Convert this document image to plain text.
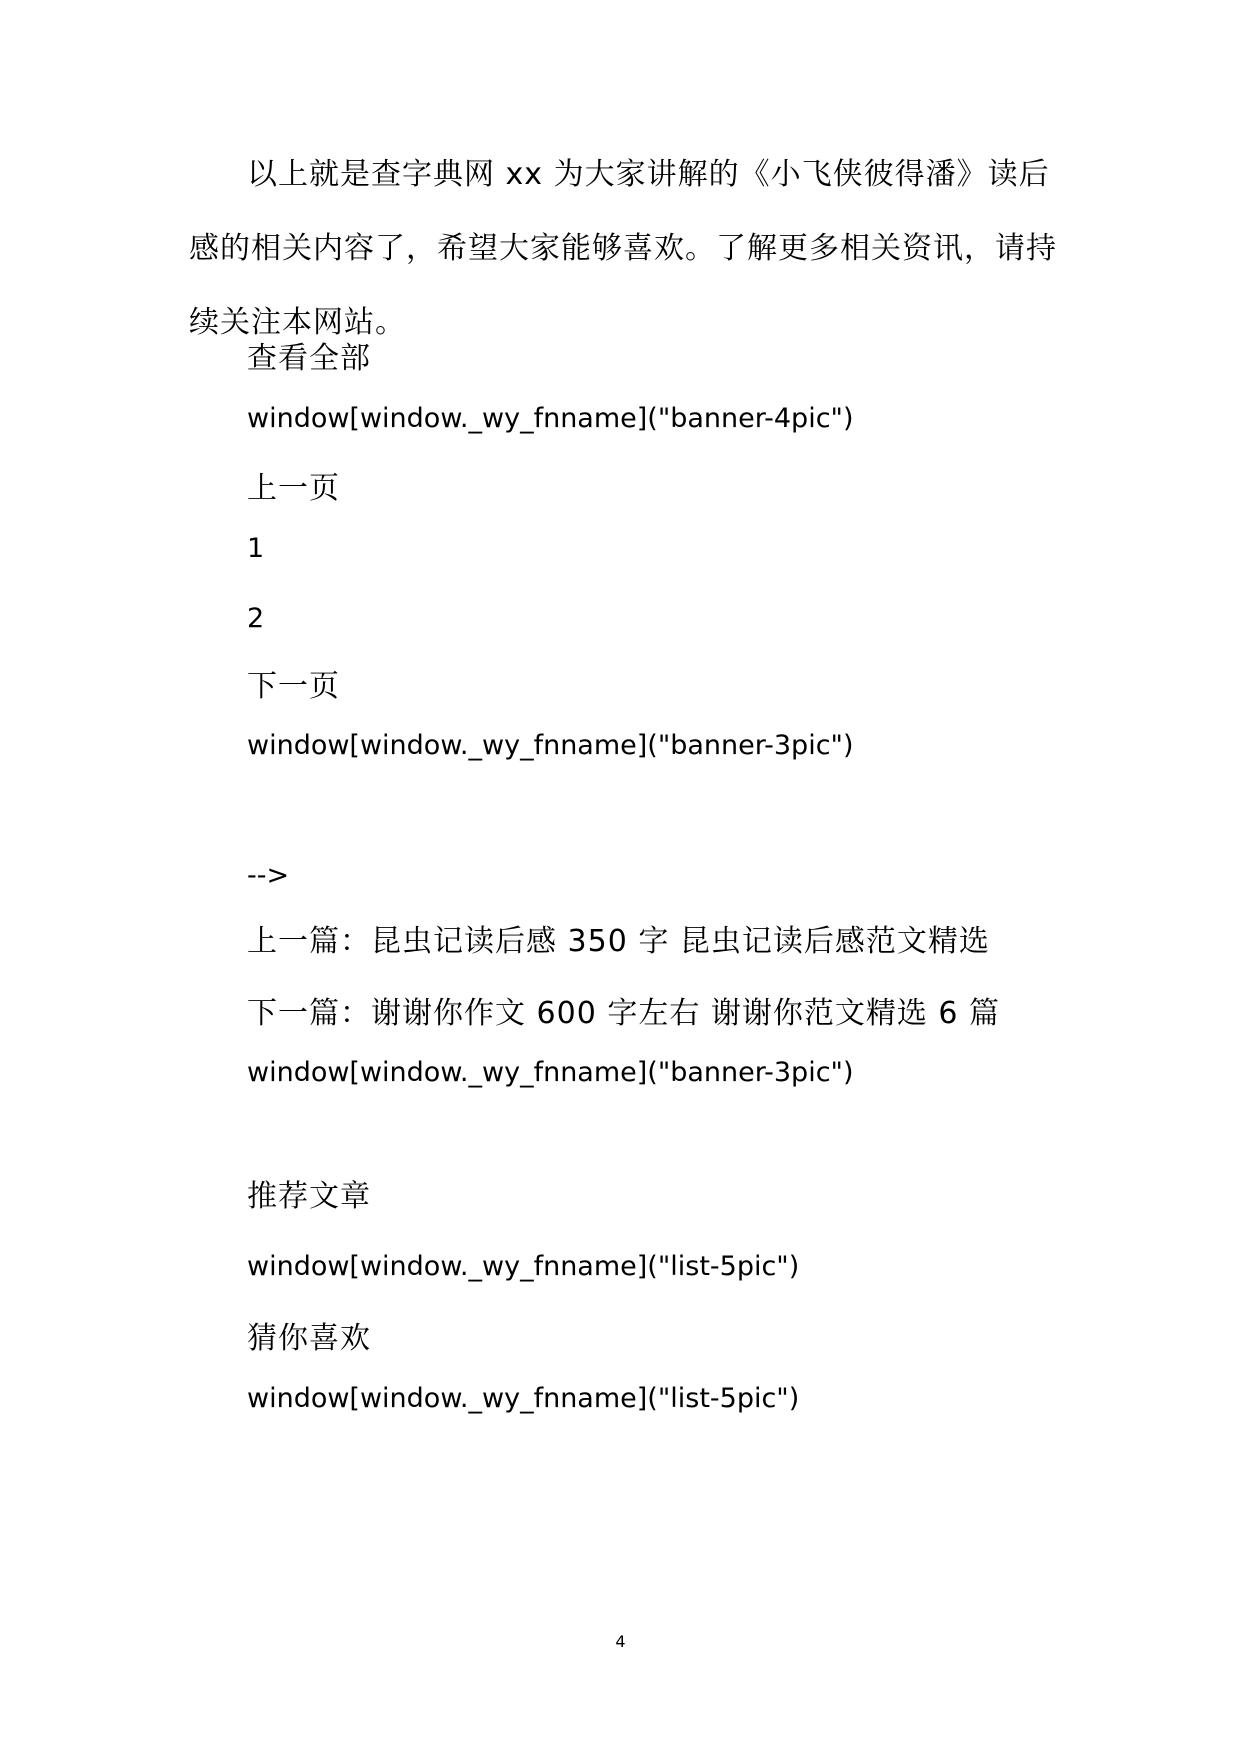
以上就是查字典网 xx 为大家讲解的《小飞侠彼得潘》读后感的相关内容了，希望大家能够喜欢。了解更多相关资讯，请持续关注本网站。

查看全部

window[window._wy_fnname]("banner-4pic")

上一页

1

2

下一页

window[window._wy_fnname]("banner-3pic")

-->

上一篇：昆虫记读后感 350 字 昆虫记读后感范文精选

下一篇：谢谢你作文 600 字左右 谢谢你范文精选 6 篇

window[window._wy_fnname]("banner-3pic")

推荐文章

window[window._wy_fnname]("list-5pic")

猜你喜欢

window[window._wy_fnname]("list-5pic")

4
